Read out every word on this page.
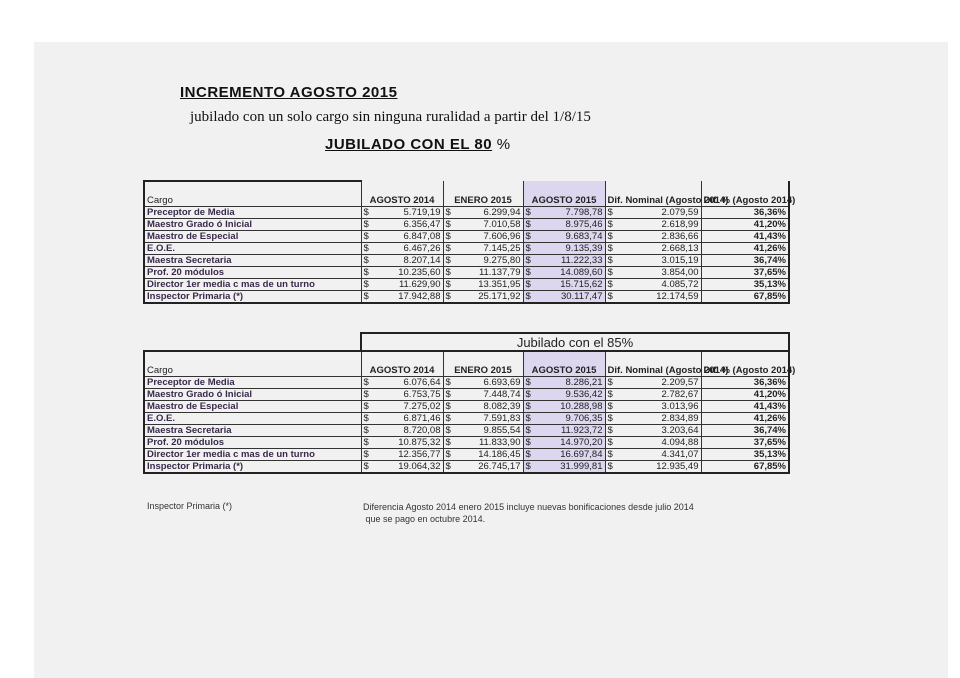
INCREMENTO AGOSTO 2015
jubilado con un solo cargo sin ninguna ruralidad a partir del 1/8/15
JUBILADO CON EL 80 %
Cargo	AGOSTO 2014	ENERO 2015	AGOSTO 2015	Dif. Nominal (Agosto 2014)	Dif. % (Agosto 2014)
Preceptor de Media	$ 5.719,19	$ 6.299,94	$ 7.798,78	$ 2.079,59	36,36%
Maestro Grado ó Inicial	$ 6.356,47	$ 7.010,58	$ 8.975,46	$ 2.618,99	41,20%
Maestro de Especial	$ 6.847,08	$ 7.606,96	$ 9.683,74	$ 2.836,66	41,43%
E.O.E.	$ 6.467,26	$ 7.145,25	$ 9.135,39	$ 2.668,13	41,26%
Maestra Secretaria	$ 8.207,14	$ 9.275,80	$ 11.222,33	$ 3.015,19	36,74%
Prof. 20 módulos	$ 10.235,60	$ 11.137,79	$ 14.089,60	$ 3.854,00	37,65%
Director 1er media c mas de un turno	$ 11.629,90	$ 13.351,95	$ 15.715,62	$ 4.085,72	35,13%
Inspector Primaria (*)	$ 17.942,88	$ 25.171,92	$ 30.117,47	$ 12.174,59	67,85%
	Jubilado con el 85%				
Cargo	AGOSTO 2014	ENERO 2015	AGOSTO 2015	Dif. Nominal (Agosto 2014)	Dif. % (Agosto 2014)
Preceptor de Media	$ 6.076,64	$ 6.693,69	$ 8.286,21	$ 2.209,57	36,36%
Maestro Grado ó Inicial	$ 6.753,75	$ 7.448,74	$ 9.536,42	$ 2.782,67	41,20%
Maestro de Especial	$ 7.275,02	$ 8.082,39	$ 10.288,98	$ 3.013,96	41,43%
E.O.E.	$ 6.871,46	$ 7.591,83	$ 9.706,35	$ 2.834,89	41,26%
Maestra Secretaria	$ 8.720,08	$ 9.855,54	$ 11.923,72	$ 3.203,64	36,74%
Prof. 20 módulos	$ 10.875,32	$ 11.833,90	$ 14.970,20	$ 4.094,88	37,65%
Director 1er media c mas de un turno	$ 12.356,77	$ 14.186,45	$ 16.697,84	$ 4.341,07	35,13%
Inspector Primaria (*)	$ 19.064,32	$ 26.745,17	$ 31.999,81	$ 12.935,49	67,85%
Inspector Primaria (*)	Diferencia Agosto 2014 enero 2015 incluye nuevas bonificaciones desde julio 2014
que se pago en octubre 2014.
